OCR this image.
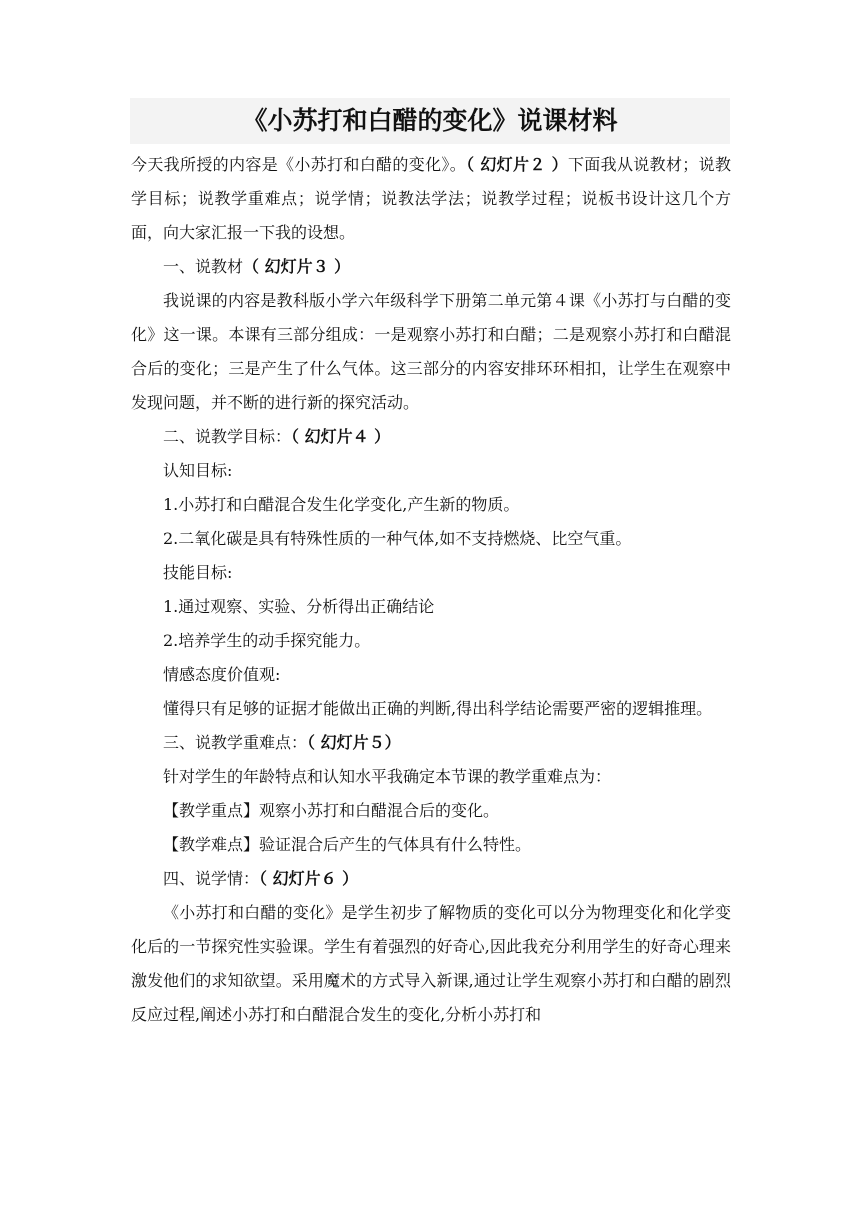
《小苏打和白醋的变化》说课材料

今天我所授的内容是《小苏打和白醋的变化》。（ 幻灯片２ ）下面我从说教材；说教学目标；说教学重难点；说学情；说教法学法；说教学过程；说板书设计这几个方面，向大家汇报一下我的设想。

一、说教材（ 幻灯片３ ）

我说课的内容是教科版小学六年级科学下册第二单元第４课《小苏打与白醋的变化》这一课。本课有三部分组成：一是观察小苏打和白醋；二是观察小苏打和白醋混合后的变化；三是产生了什么气体。这三部分的内容安排环环相扣，让学生在观察中发现问题，并不断的进行新的探究活动。

二、说教学目标：（ 幻灯片４ ）

认知目标:

1.小苏打和白醋混合发生化学变化,产生新的物质。

2.二氧化碳是具有特殊性质的一种气体,如不支持燃烧、比空气重。

技能目标:

1.通过观察、实验、分析得出正确结论

2.培养学生的动手探究能力。

情感态度价值观:

懂得只有足够的证据才能做出正确的判断,得出科学结论需要严密的逻辑推理。

三、说教学重难点：（ 幻灯片５）

针对学生的年龄特点和认知水平我确定本节课的教学重难点为：

【教学重点】观察小苏打和白醋混合后的变化。

【教学难点】验证混合后产生的气体具有什么特性。

四、说学情：（ 幻灯片６ ）

《小苏打和白醋的变化》是学生初步了解物质的变化可以分为物理变化和化学变化后的一节探究性实验课。学生有着强烈的好奇心,因此我充分利用学生的好奇心理来激发他们的求知欲望。采用魔术的方式导入新课,通过让学生观察小苏打和白醋的剧烈反应过程,阐述小苏打和白醋混合发生的变化,分析小苏打和
